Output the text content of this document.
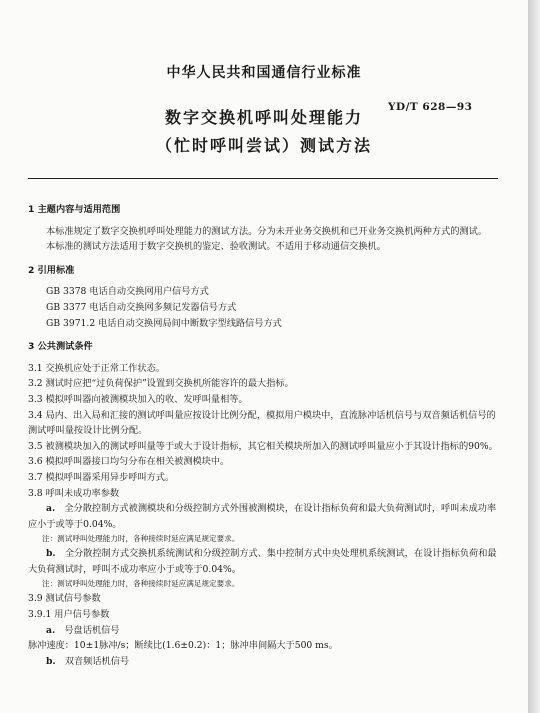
中华人民共和国通信行业标准
数字交换机呼叫处理能力
（忙时呼叫尝试）测试方法
YD/T 628—93

1 主题内容与适用范围

本标准规定了数字交换机呼叫处理能力的测试方法。分为未开业务交换机和已开业务交换机两种方式的测试。

本标准的测试方法适用于数字交换机的鉴定、验收测试。不适用于移动通信交换机。

2 引用标准

GB 3378 电话自动交换网用户信号方式

GB 3377 电话自动交换网多频记发器信号方式

GB 3971.2 电话自动交换网局间中断数字型线路信号方式

3 公共测试条件

3.1 交换机应处于正常工作状态。

3.2 测试时应把“过负荷保护”设置到交换机所能容许的最大指标。

3.3 模拟呼叫器向被测模块加入的收、发呼叫量相等。

3.4 局内、出入局和汇接的测试呼叫量应按设计比例分配，模拟用户模块中，直流脉冲话机信号与双音频话机信号的测试呼叫量按设计比例分配。

3.5 被测模块加入的测试呼叫量等于或大于设计指标，其它相关模块所加入的测试呼叫量应小于其设计指标的90%。

3.6 模拟呼叫器接口均匀分布在相关被测模块中。

3.7 模拟呼叫器采用异步呼叫方式。

3.8 呼叫未成功率参数

a.  全分散控制方式被测模块和分级控制方式外围被测模块，在设计指标负荷和最大负荷测试时，呼叫未成功率应小于或等于0.04%。

注：测试呼叫处理能力时，各种接续时延应满足规定要求。

b.  全分散控制方式交换机系统测试和分级控制方式、集中控制方式中央处理机系统测试，在设计指标负荷和最大负荷测试时，呼叫不成功率应小于或等于0.04%。

注：测试呼叫处理能力时，各种接续时延应满足规定要求。

3.9 测试信号参数

3.9.1 用户信号参数

a.  号盘话机信号

脉冲速度：10±1脉冲/s；断续比(1.6±0.2)：1；脉冲串间隔大于500 ms。

b.  双音频话机信号
